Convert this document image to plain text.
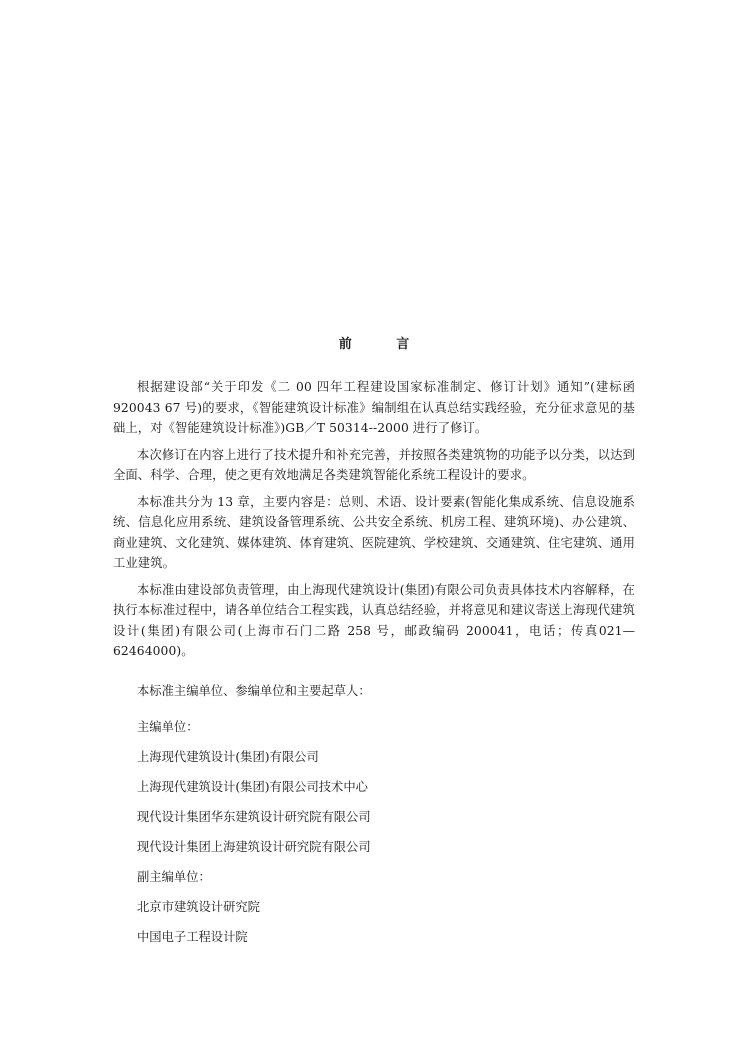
前 言

根据建设部“关于印发《二 00 四年工程建设国家标准制定、修订计划》通知”(建标函920043 67 号)的要求，《智能建筑设计标准》编制组在认真总结实践经验，充分征求意见的基础上，对《智能建筑设计标准》)GB／T 50314--2000 进行了修订。

本次修订在内容上进行了技术提升和补充完善，并按照各类建筑物的功能予以分类，以达到全面、科学、合理，使之更有效地满足各类建筑智能化系统工程设计的要求。

本标准共分为 13 章，主要内容是：总则、术语、设计要素(智能化集成系统、信息设施系统、信息化应用系统、建筑设备管理系统、公共安全系统、机房工程、建筑环境)、办公建筑、商业建筑、文化建筑、媒体建筑、体育建筑、医院建筑、学校建筑、交通建筑、住宅建筑、通用工业建筑。

本标准由建设部负责管理，由上海现代建筑设计(集团)有限公司负责具体技术内容解释，在执行本标准过程中，请各单位结合工程实践，认真总结经验，并将意见和建议寄送上海现代建筑设计(集团)有限公司(上海市石门二路 258 号，邮政编码 200041，电话；传真021—62464000)。

本标准主编单位、参编单位和主要起草人：

主编单位：

上海现代建筑设计(集团)有限公司

上海现代建筑设计(集团)有限公司技术中心

现代设计集团华东建筑设计研究院有限公司

现代设计集团上海建筑设计研究院有限公司

副主编单位：

北京市建筑设计研究院

中国电子工程设计院
